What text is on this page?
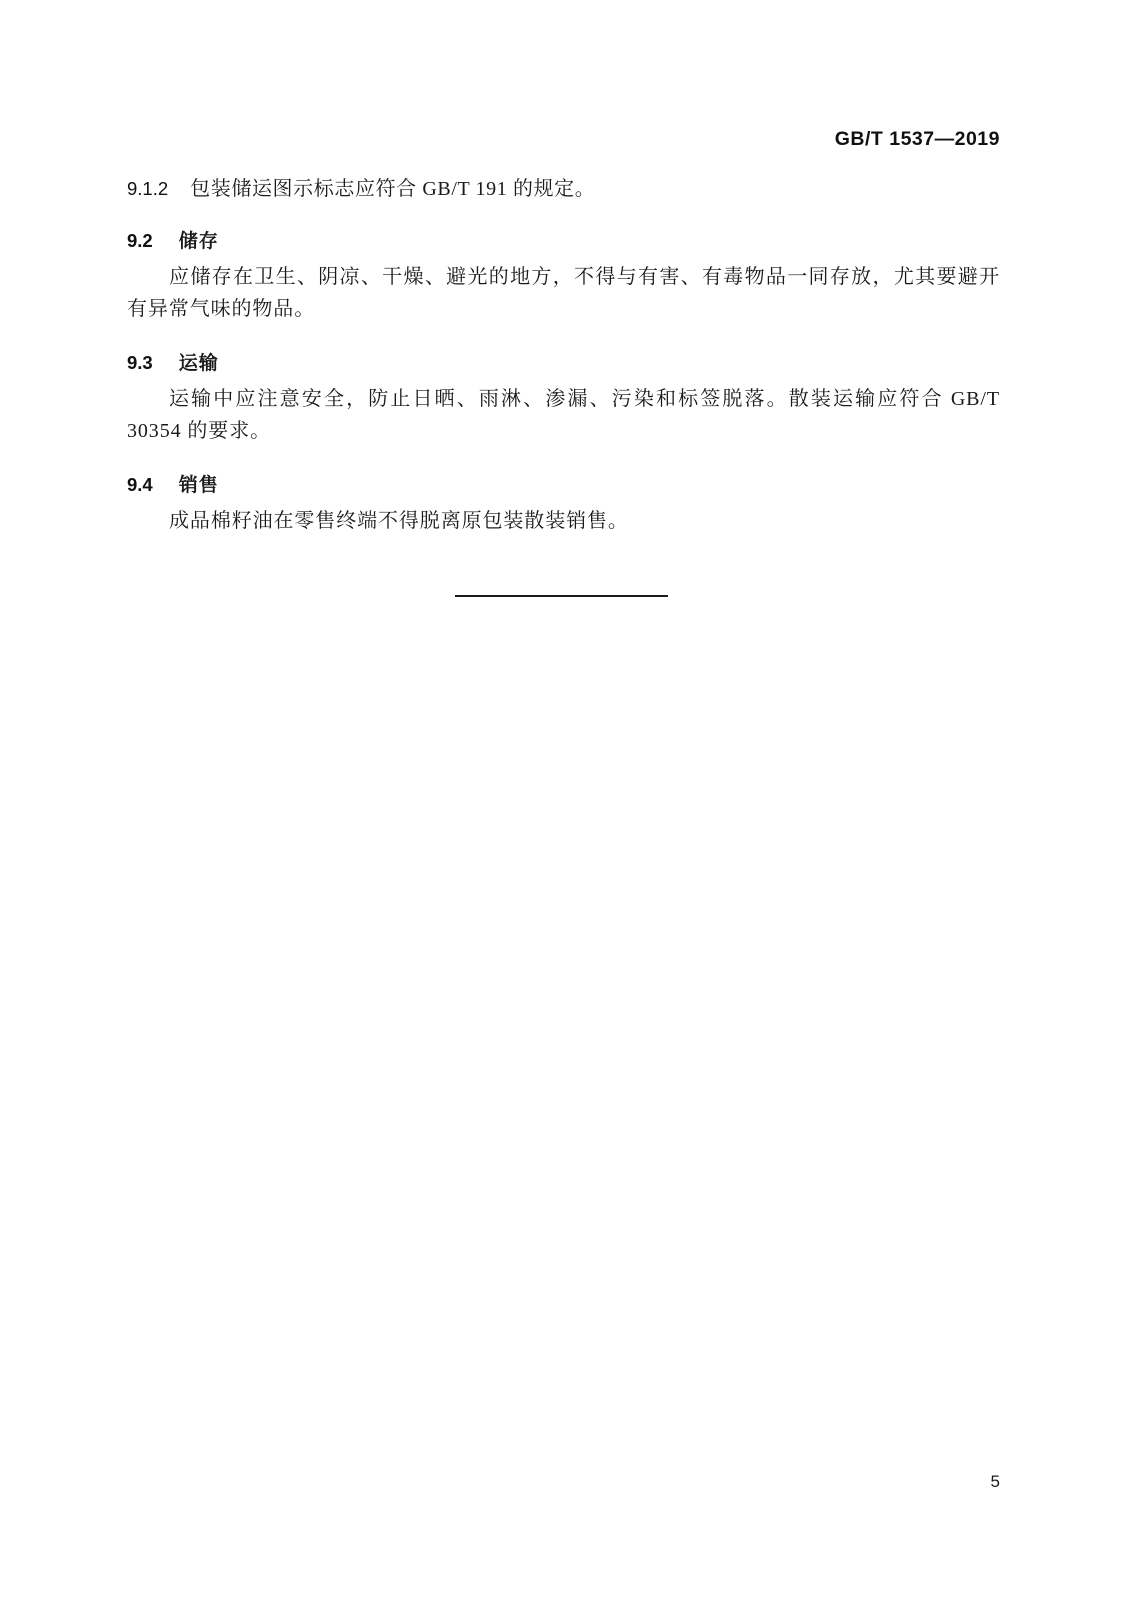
GB/T 1537—2019
9.1.2 包装储运图示标志应符合 GB/T 191 的规定。
9.2 储存

应储存在卫生、阴凉、干燥、避光的地方，不得与有害、有毒物品一同存放，尤其要避开有异常气味的物品。

9.3 运输

运输中应注意安全，防止日晒、雨淋、渗漏、污染和标签脱落。散装运输应符合 GB/T 30354 的要求。

9.4 销售

成品棉籽油在零售终端不得脱离原包装散装销售。

5
